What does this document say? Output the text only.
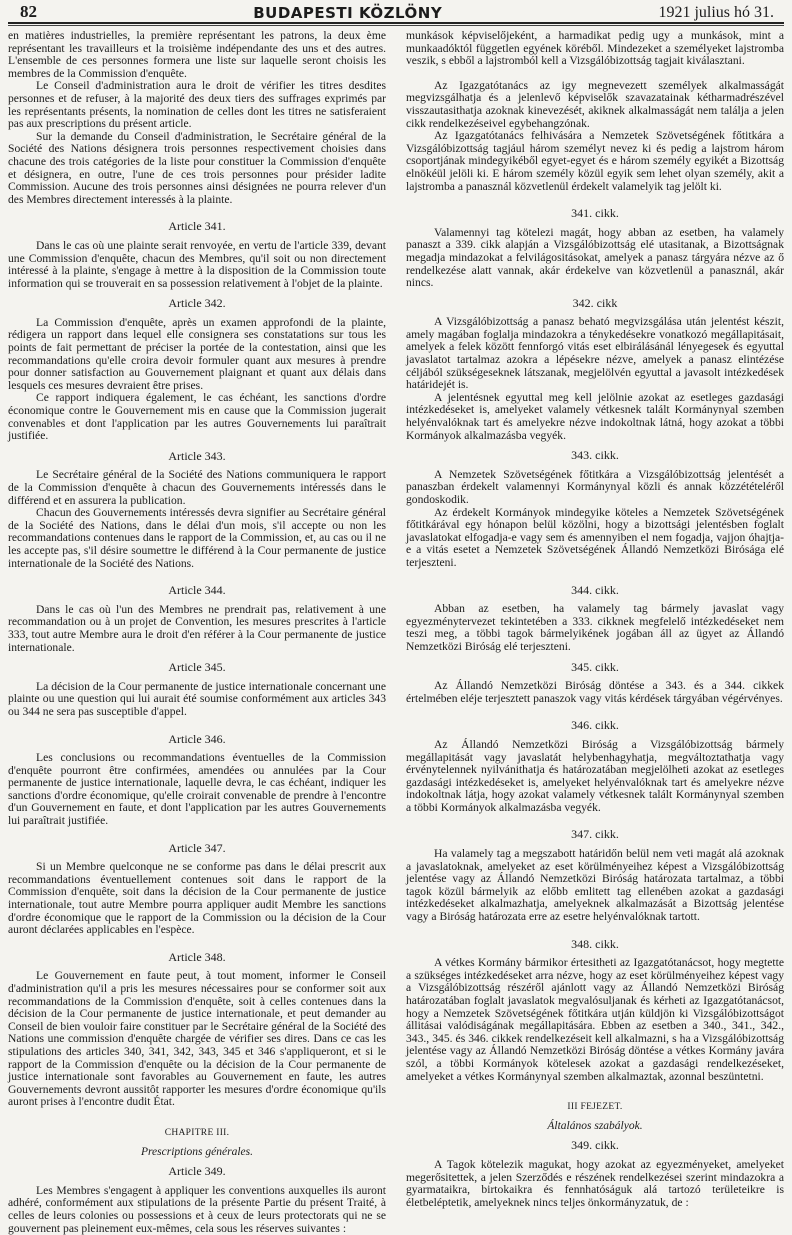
82	BUDAPESTI KÖZLÖNY	1921 julius hó 31.

en matières industrielles, la première représentant les patrons, la deux ème représentant les travailleurs et la troisième indépendante des uns et des autres. L'ensemble de ces personnes formera une liste sur laquelle seront choisis les membres de la Commission d'enquête.

Le Conseil d'administration aura le droit de vérifier les titres desdites personnes et de refuser, à la majorité des deux tiers des suffrages exprimés par les représentants présents, la nomination de celles dont les titres ne satisferaient pas aux prescriptions du présent article.

Sur la demande du Conseil d'administration, le Secrétaire général de la Société des Nations désignera trois personnes respectivement choisies dans chacune des trois catégories de la liste pour constituer la Commission d'enquête et désignera, en outre, l'une de ces trois personnes pour présider ladite Commission. Aucune des trois personnes ainsi désignées ne pourra relever d'un des Membres directement interessés à la plainte.

Article 341.

Dans le cas où une plainte serait renvoyée, en vertu de l'article 339, devant une Commission d'enquête, chacun des Membres, qu'il soit ou non directement intéressé à la plainte, s'engage à mettre à la disposition de la Commission toute information qui se trouverait en sa possession relativement à l'objet de la plainte.

Article 342.

La Commission d'enquête, après un examen approfondi de la plainte, rédigera un rapport dans lequel elle consignera ses constatations sur tous les points de fait permettant de préciser la portée de la contestation, ainsi que les recommandations qu'elle croira devoir formuler quant aux mesures à prendre pour donner satisfaction au Gouvernement plaignant et quant aux délais dans lesquels ces mesures devraient être prises.

Ce rapport indiquera également, le cas échéant, les sanctions d'ordre économique contre le Gouvernement mis en cause que la Commission jugerait convenables et dont l'application par les autres Gouvernements lui paraîtrait justifiée.

Article 343.

Le Secrétaire général de la Société des Nations communiquera le rapport de la Commission d'enquête à chacun des Gouvernements intéressés dans le différend et en assurera la publication.

Chacun des Gouvernements intéressés devra signifier au Secrétaire général de la Société des Nations, dans le délai d'un mois, s'il accepte ou non les recommandations contenues dans le rapport de la Commission, et, au cas ou il ne les accepte pas, s'il désire soumettre le différend à la Cour permanente de justice internationale de la Société des Nations.

Article 344.

Dans le cas où l'un des Membres ne prendrait pas, relativement à une recommandation ou à un projet de Convention, les mesures prescrites à l'article 333, tout autre Membre aura le droit d'en référer à la Cour permanente de justice internationale.

Article 345.

La décision de la Cour permanente de justice internationale concernant une plainte ou une question qui lui aurait été soumise conformément aux articles 343 ou 344 ne sera pas susceptible d'appel.

Article 346.

Les conclusions ou recommandations éventuelles de la Commission d'enquête pourront être confirmées, amendées ou annulées par la Cour permanente de justice internationale, laquelle devra, le cas échéant, indiquer les sanctions d'ordre économique, qu'elle croirait convenable de prendre à l'encontre d'un Gouvernement en faute, et dont l'application par les autres Gouvernements lui paraîtrait justifiée.

Article 347.

Si un Membre quelconque ne se conforme pas dans le délai prescrit aux recommandations éventuellement contenues soit dans le rapport de la Commission d'enquête, soit dans la décision de la Cour permanente de justice internationale, tout autre Membre pourra appliquer audit Membre les sanctions d'ordre économique que le rapport de la Commission ou la décision de la Cour auront déclarées applicables en l'espèce.

Article 348.

Le Gouvernement en faute peut, à tout moment, informer le Conseil d'administration qu'il a pris les mesures nécessaires pour se conformer soit aux recommandations de la Commission d'enquête, soit à celles contenues dans la décision de la Cour permanente de justice internationale, et peut demander au Conseil de bien vouloir faire constituer par le Secrétaire général de la Société des Nations une commission d'enquête chargée de vérifier ses dires. Dans ce cas les stipulations des articles 340, 341, 342, 343, 345 et 346 s'appliqueront, et si le rapport de la Commission d'enquête ou la décision de la Cour permanente de justice internationale sont favorables au Gouvernement en faute, les autres Gouvernements devront aussitôt rapporter les mesures d'ordre économique qu'ils auront prises à l'encontre dudit État.

CHAPITRE III.
Prescriptions générales.
Article 349.

Les Membres s'engagent à appliquer les conventions auxquelles ils auront adhéré, conformément aux stipulations de la présente Partie du présent Traité, à celles de leurs colonies ou possessions et à ceux de leurs protectorats qui ne se gouvernent pas pleinement eux-mêmes, cela sous les réserves suivantes :

munkások képviselőjeként, a harmadikat pedig ugy a munkások, mint a munkaadóktól független egyének köréből. Mindezeket a személyeket lajstromba veszik, s ebből a lajstromból kell a Vizsgálóbizottság tagjait kiválasztani.

Az Igazgatótanács az igy megnevezett személyek alkalmasságát megvizsgálhatja és a jelenlevő képviselők szavazatainak kétharmadrészével visszautasithatja azoknak kinevezését, akiknek alkalmasságát nem találja a jelen cikk rendelkezéseivel egybehangzónak.

Az Igazgatótanács felhivására a Nemzetek Szövetségének főtitkára a Vizsgálóbizottság tagjául három személyt nevez ki és pedig a lajstrom három csoportjának mindegyikéből egyet-egyet és e három személy egyikét a Bizottság elnökéül jelöli ki. E három személy közül egyik sem lehet olyan személy, akit a lajstromba a panasznál közvetlenül érdekelt valamelyik tag jelölt ki.

341. cikk.

Valamennyi tag kötelezi magát, hogy abban az esetben, ha valamely panaszt a 339. cikk alapján a Vizsgálóbizottság elé utasitanak, a Bizottságnak megadja mindazokat a felvilágositásokat, amelyek a panasz tárgyára nézve az ő rendelkezése alatt vannak, akár érdekelve van közvetlenül a panasznál, akár nincs.

342. cikk

A Vizsgálóbizottság a panasz beható megvizsgálása után jelentést készit, amely magában foglalja mindazokra a ténykedésekre vonatkozó megállapitásait, amelyek a felek között fennforgó vitás eset elbirálásánál lényegesek és egyuttal javaslatot tartalmaz azokra a lépésekre nézve, amelyek a panasz elintézése céljából szükségeseknek látszanak, megjelölvén egyuttal a javasolt intézkedések határidejét is.

A jelentésnek egyuttal meg kell jelölnie azokat az esetleges gazdasági intézkedéseket is, amelyeket valamely vétkesnek talált Kormánynyal szemben helyénvalóknak tart és amelyekre nézve indokoltnak látná, hogy azokat a többi Kormányok alkalmazásba vegyék.

343. cikk.

A Nemzetek Szövetségének főtitkára a Vizsgálóbizottság jelentését a panaszban érdekelt valamennyi Kormánynyal közli és annak közzétételéről gondoskodik.

Az érdekelt Kormányok mindegyike köteles a Nemzetek Szövetségének főtitkárával egy hónapon belül közölni, hogy a bizottsági jelentésben foglalt javaslatokat elfogadja-e vagy sem és amennyiben el nem fogadja, vajjon óhajtja-e a vitás esetet a Nemzetek Szövetségének Állandó Nemzetközi Birósága elé terjeszteni.

344. cikk.

Abban az esetben, ha valamely tag bármely javaslat vagy egyezménytervezet tekintetében a 333. cikknek megfelelő intézkedéseket nem teszi meg, a többi tagok bármelyikének jogában áll az ügyet az Állandó Nemzetközi Biróság elé terjeszteni.

345. cikk.

Az Állandó Nemzetközi Biróság döntése a 343. és a 344. cikkek értelmében eléje terjesztett panaszok vagy vitás kérdések tárgyában végérvényes.

346. cikk.

Az Állandó Nemzetközi Biróság a Vizsgálóbizottság bármely megállapitását vagy javaslatát helybenhagyhatja, megváltoztathatja vagy érvénytelennek nyilvánithatja és határozatában megjelölheti azokat az esetleges gazdasági intézkedéseket is, amelyeket helyénvalóknak tart és amelyekre nézve indokoltnak látja, hogy azokat valamely vétkesnek talált Kormánynyal szemben a többi Kormányok alkalmazásba vegyék.

347. cikk.

Ha valamely tag a megszabott határidőn belül nem veti magát alá azoknak a javaslatoknak, amelyeket az eset körülményeihez képest a Vizsgálóbizottság jelentése vagy az Állandó Nemzetközi Biróság határozata tartalmaz, a többi tagok közül bármelyik az előbb emlitett tag ellenében azokat a gazdasági intézkedéseket alkalmazhatja, amelyeknek alkalmazását a Bizottság jelentése vagy a Biróság határozata erre az esetre helyénvalóknak tartott.

348. cikk.

A vétkes Kormány bármikor értesitheti az Igazgatótanácsot, hogy megtette a szükséges intézkedéseket arra nézve, hogy az eset körülményeihez képest vagy a Vizsgálóbizottság részéről ajánlott vagy az Állandó Nemzetközi Biróság határozatában foglalt javaslatok megvalósuljanak és kérheti az Igazgatótanácsot, hogy a Nemzetek Szövetségének főtitkára utján küldjön ki Vizsgálóbizottságot állitásai valódiságának megállapitására. Ebben az esetben a 340., 341., 342., 343., 345. és 346. cikkek rendelkezéseit kell alkalmazni, s ha a Vizsgálóbizottság jelentése vagy az Állandó Nemzetközi Biróság döntése a vétkes Kormány javára szól, a többi Kormányok kötelesek azokat a gazdasági rendelkezéseket, amelyeket a vétkes Kormánynyal szemben alkalmaztak, azonnal beszüntetni.

III FEJEZET.
Általános szabályok.
349. cikk.

A Tagok kötelezik magukat, hogy azokat az egyezményeket, amelyeket megerősitettek, a jelen Szerződés e részének rendelkezései szerint mindazokra a gyarmataikra, birtokaikra és fennhatóságuk alá tartozó területeikre is életbeléptetik, amelyeknek nincs teljes önkormányzatuk, de :
